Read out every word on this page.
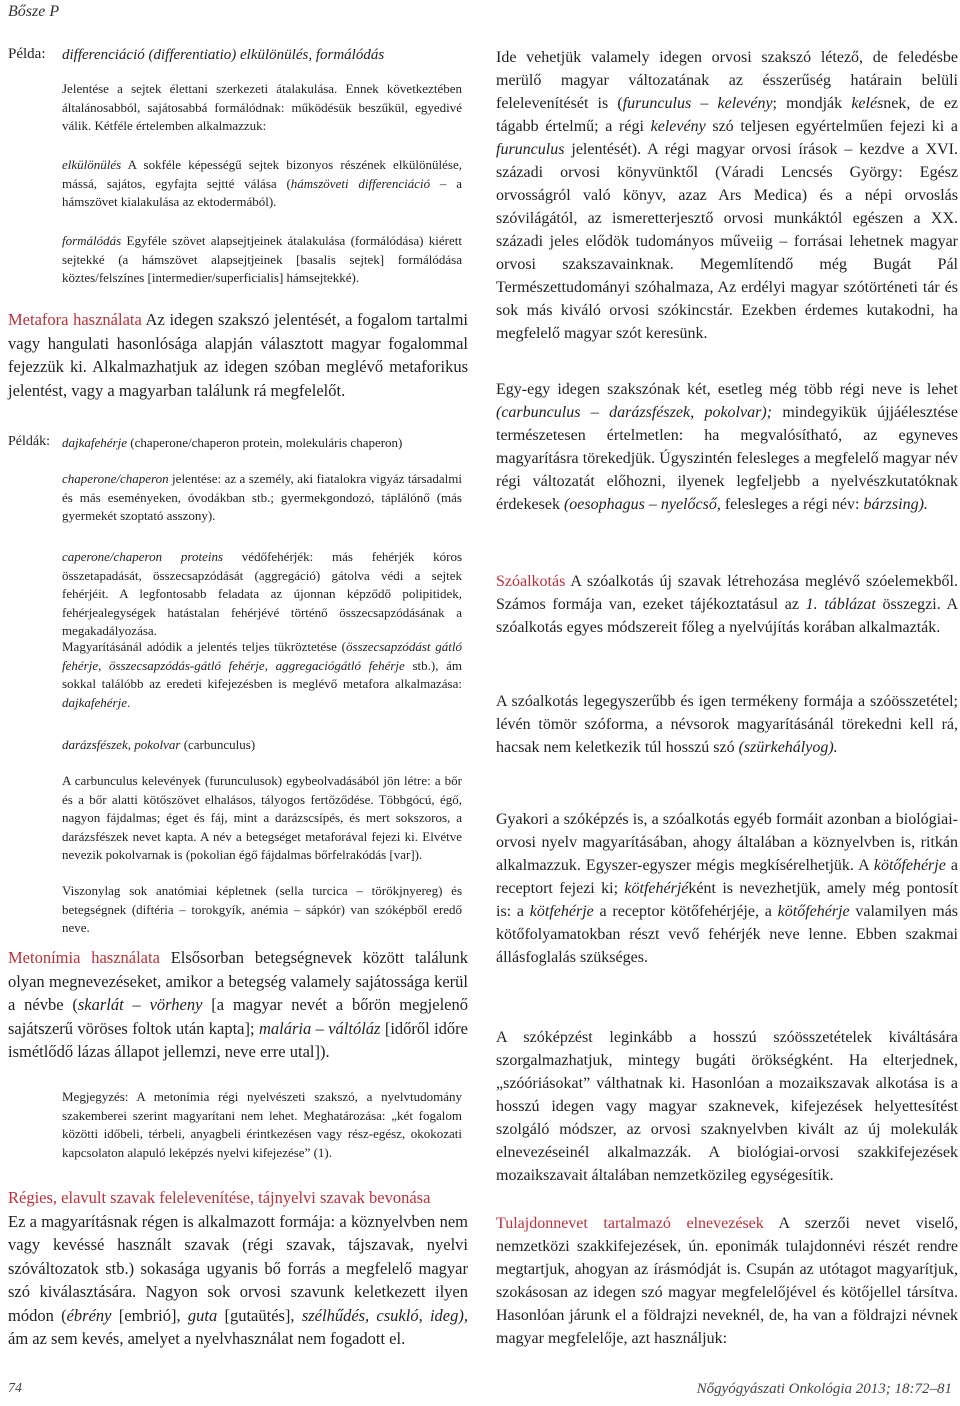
Bősze P
Példa: differenciáció (differentiatio) elkülönülés, formálódás
Jelentése a sejtek élettani szerkezeti átalakulása. Ennek következtében általánosabból, sajátosabbá formálódnak: működésük beszűkül, egyedivé válik. Kétféle értelemben alkalmazzuk:
elkülönülés A sokféle képességű sejtek bizonyos részének elkülönülése, mássá, sajátos, egyfajta sejtté válása (hámszöveti differenciáció – a hámszövet kialakulása az ektodermából).
formálódás Egyféle szövet alapsejtjeinek átalakulása (formálódása) kiérett sejtekké (a hámszövet alapsejtjeinek [basalis sejtek] formálódása köztes/felszínes [intermedier/superficialis] hámsejtekké).
Metafora használata Az idegen szakszó jelentését, a fogalom tartalmi vagy hangulati hasonlósága alapján választott magyar fogalommal fejezzük ki. Alkalmazhatjuk az idegen szóban meglévő metaforikus jelentést, vagy a magyarban találunk rá megfelelőt.
Példák: dajkafehérje (chaperone/chaperon protein, molekuláris chaperon)
chaperone/chaperon jelentése: az a személy, aki fiatalokra vigyáz társadalmi és más eseményeken, óvodákban stb.; gyermekgondozó, táplálónő (más gyermekét szoptató asszony).
caperone/chaperon proteins védőfehérjék: más fehérjék kóros összetapadását, összecsapzódását (aggregáció) gátolva védi a sejtek fehérjéit. A legfontosabb feladata az újonnan képződő polipitidek, fehérjealegységek hatástalan fehérjévé történő összecsapzódásának a megakadályozása.
Magyarításánál adódik a jelentés teljes tükröztetése (összecsapzódást gátló fehérje, összecsapzódás-gátló fehérje, aggregaciógátló fehérje stb.), ám sokkal találóbb az eredeti kifejezésben is meglévő metafora alkalmazása: dajkafehérje.
darázsfészek, pokolvar (carbunculus)
A carbunculus kelevények (furunculusok) egybeolvadásából jön létre: a bőr és a bőr alatti kötőszövet elhalásos, tályogos fertőződése. Többgócú, égő, nagyon fájdalmas; éget és fáj, mint a darázscsípés, és mert sokszoros, a darázsfészek nevet kapta. A név a betegséget metaforával fejezi ki. Elvétve nevezik pokolvarnak is (pokolian égő fájdalmas bőrfelrakódás [var]).
Viszonylag sok anatómiai képletnek (sella turcica – törökjnyereg) és betegségnek (diftéria – torokgyík, anémia – sápkór) van szóképből eredő neve.
Metonímia használata Elsősorban betegségnevek között találunk olyan megnevezéseket, amikor a betegség valamely sajátossága kerül a névbe (skarlát – vörheny [a magyar nevét a bőrön megjelenő sajátszerű vöröses foltok után kapta]; malária – váltóláz [időről időre ismétlődő lázas állapot jellemzi, neve erre utal]).
Megjegyzés: A metonímia régi nyelvészeti szakszó, a nyelvtudomány szakemberei szerint magyarítani nem lehet. Meghatározása: „két fogalom közötti időbeli, térbeli, anyagbeli érintkezésen vagy rész-egész, okokozati kapcsolaton alapuló leképzés nyelvi kifejezése” (1).
Régies, elavult szavak felelevenítése, tájnyelvi szavak bevonása
Ez a magyarításnak régen is alkalmazott formája: a köznyelvben nem vagy kevéssé használt szavak (régi szavak, tájszavak, nyelvi szóváltozatok stb.) sokasága ugyanis bő forrás a megfelelő magyar szó kiválasztására. Nagyon sok orvosi szavunk keletkezett ilyen módon (ébrény [embrió], guta [gutaütés], szélhűdés, csukló, ideg), ám az sem kevés, amelyet a nyelvhasználat nem fogadott el.
Ide vehetjük valamely idegen orvosi szakszó létező, de feledésbe merülő magyar változatának az ésszerűség határain belüli felelevenítését is (furunculus – kelevény; mondják kelésnek, de ez tágabb értelmű; a régi kelevény szó teljesen egyértelműen fejezi ki a furunculus jelentését). A régi magyar orvosi írások – kezdve a XVI. századi orvosi könyvünktől (Váradi Lencsés György: Egész orvosságról való könyv, azaz Ars Medica) és a népi orvoslás szóvilágától, az ismeretterjesztő orvosi munkáktól egészen a XX. századi jeles elődök tudományos műveiig – forrásai lehetnek magyar orvosi szakszavainknak. Megemlítendő még Bugát Pál Természettudományi szóhalmaza, Az erdélyi magyar szótörténeti tár és sok más kiváló orvosi szókincstár. Ezekben érdemes kutakodni, ha megfelelő magyar szót keresünk.
Egy-egy idegen szakszónak két, esetleg még több régi neve is lehet (carbunculus – darázsfészek, pokolvar); mindegyikük újjáélesztése természetesen értelmetlen: ha megvalósítható, az egyneves magyarításra törekedjük. Úgyszintén felesleges a megfelelő magyar név régi változatát előhozni, ilyenek legfeljebb a nyelvészkutatóknak érdekesek (oesophagus – nyelőcső, felesleges a régi név: bárzsing).
Szóalkotás A szóalkotás új szavak létrehozása meglévő szóelemekből. Számos formája van, ezeket tájékoztatásul az 1. táblázat összegzi. A szóalkotás egyes módszereit főleg a nyelvújítás korában alkalmazták.
A szóalkotás legegyszerűbb és igen termékeny formája a szóösszetétel; lévén tömör szóforma, a névsorok magyarításánál törekedni kell rá, hacsak nem keletkezik túl hosszú szó (szürkehályog).
Gyakori a szóképzés is, a szóalkotás egyéb formáit azonban a biológiai-orvosi nyelv magyarításában, ahogy általában a köznyelvben is, ritkán alkalmazzuk. Egyszer-egyszer mégis megkísérelhetjük. A kötőfehérje a receptort fejezi ki; kötfehérjéként is nevezhetjük, amely még pontosít is: a kötfehérje a receptor kötőfehérjéje, a kötőfehérje valamilyen más kötőfolyamatokban részt vevő fehérjék neve lenne. Ebben szakmai állásfoglalás szükséges.
A szóképzést leginkább a hosszú szóösszetételek kiváltására szorgalmazhatjuk, mintegy bugáti örökségként. Ha elterjednek, „szóóriásokat” válthatnak ki. Hasonlóan a mozaikszavak alkotása is a hosszú idegen vagy magyar szaknevek, kifejezések helyettesítést szolgáló módszer, az orvosi szaknyelvben kivált az új molekulák elnevezéseinél alkalmazzák. A biológiai-orvosi szakkifejezések mozaikszavait általában nemzetközileg egységesítik.
Tulajdonnevet tartalmazó elnevezések A szerzői nevet viselő, nemzetközi szakkifejezések, ún. eponimák tulajdonnévi részét rendre megtartjuk, ahogyan az írásmódját is. Csupán az utótagot magyarítjuk, szokásosan az idegen szó magyar megfelelőjével és kötőjellel társítva. Hasonlóan járunk el a földrajzi neveknél, de, ha van a földrajzi névnek magyar megfelelője, azt használjuk:
74	Nőgyógyászati Onkológia 2013; 18:72–81
